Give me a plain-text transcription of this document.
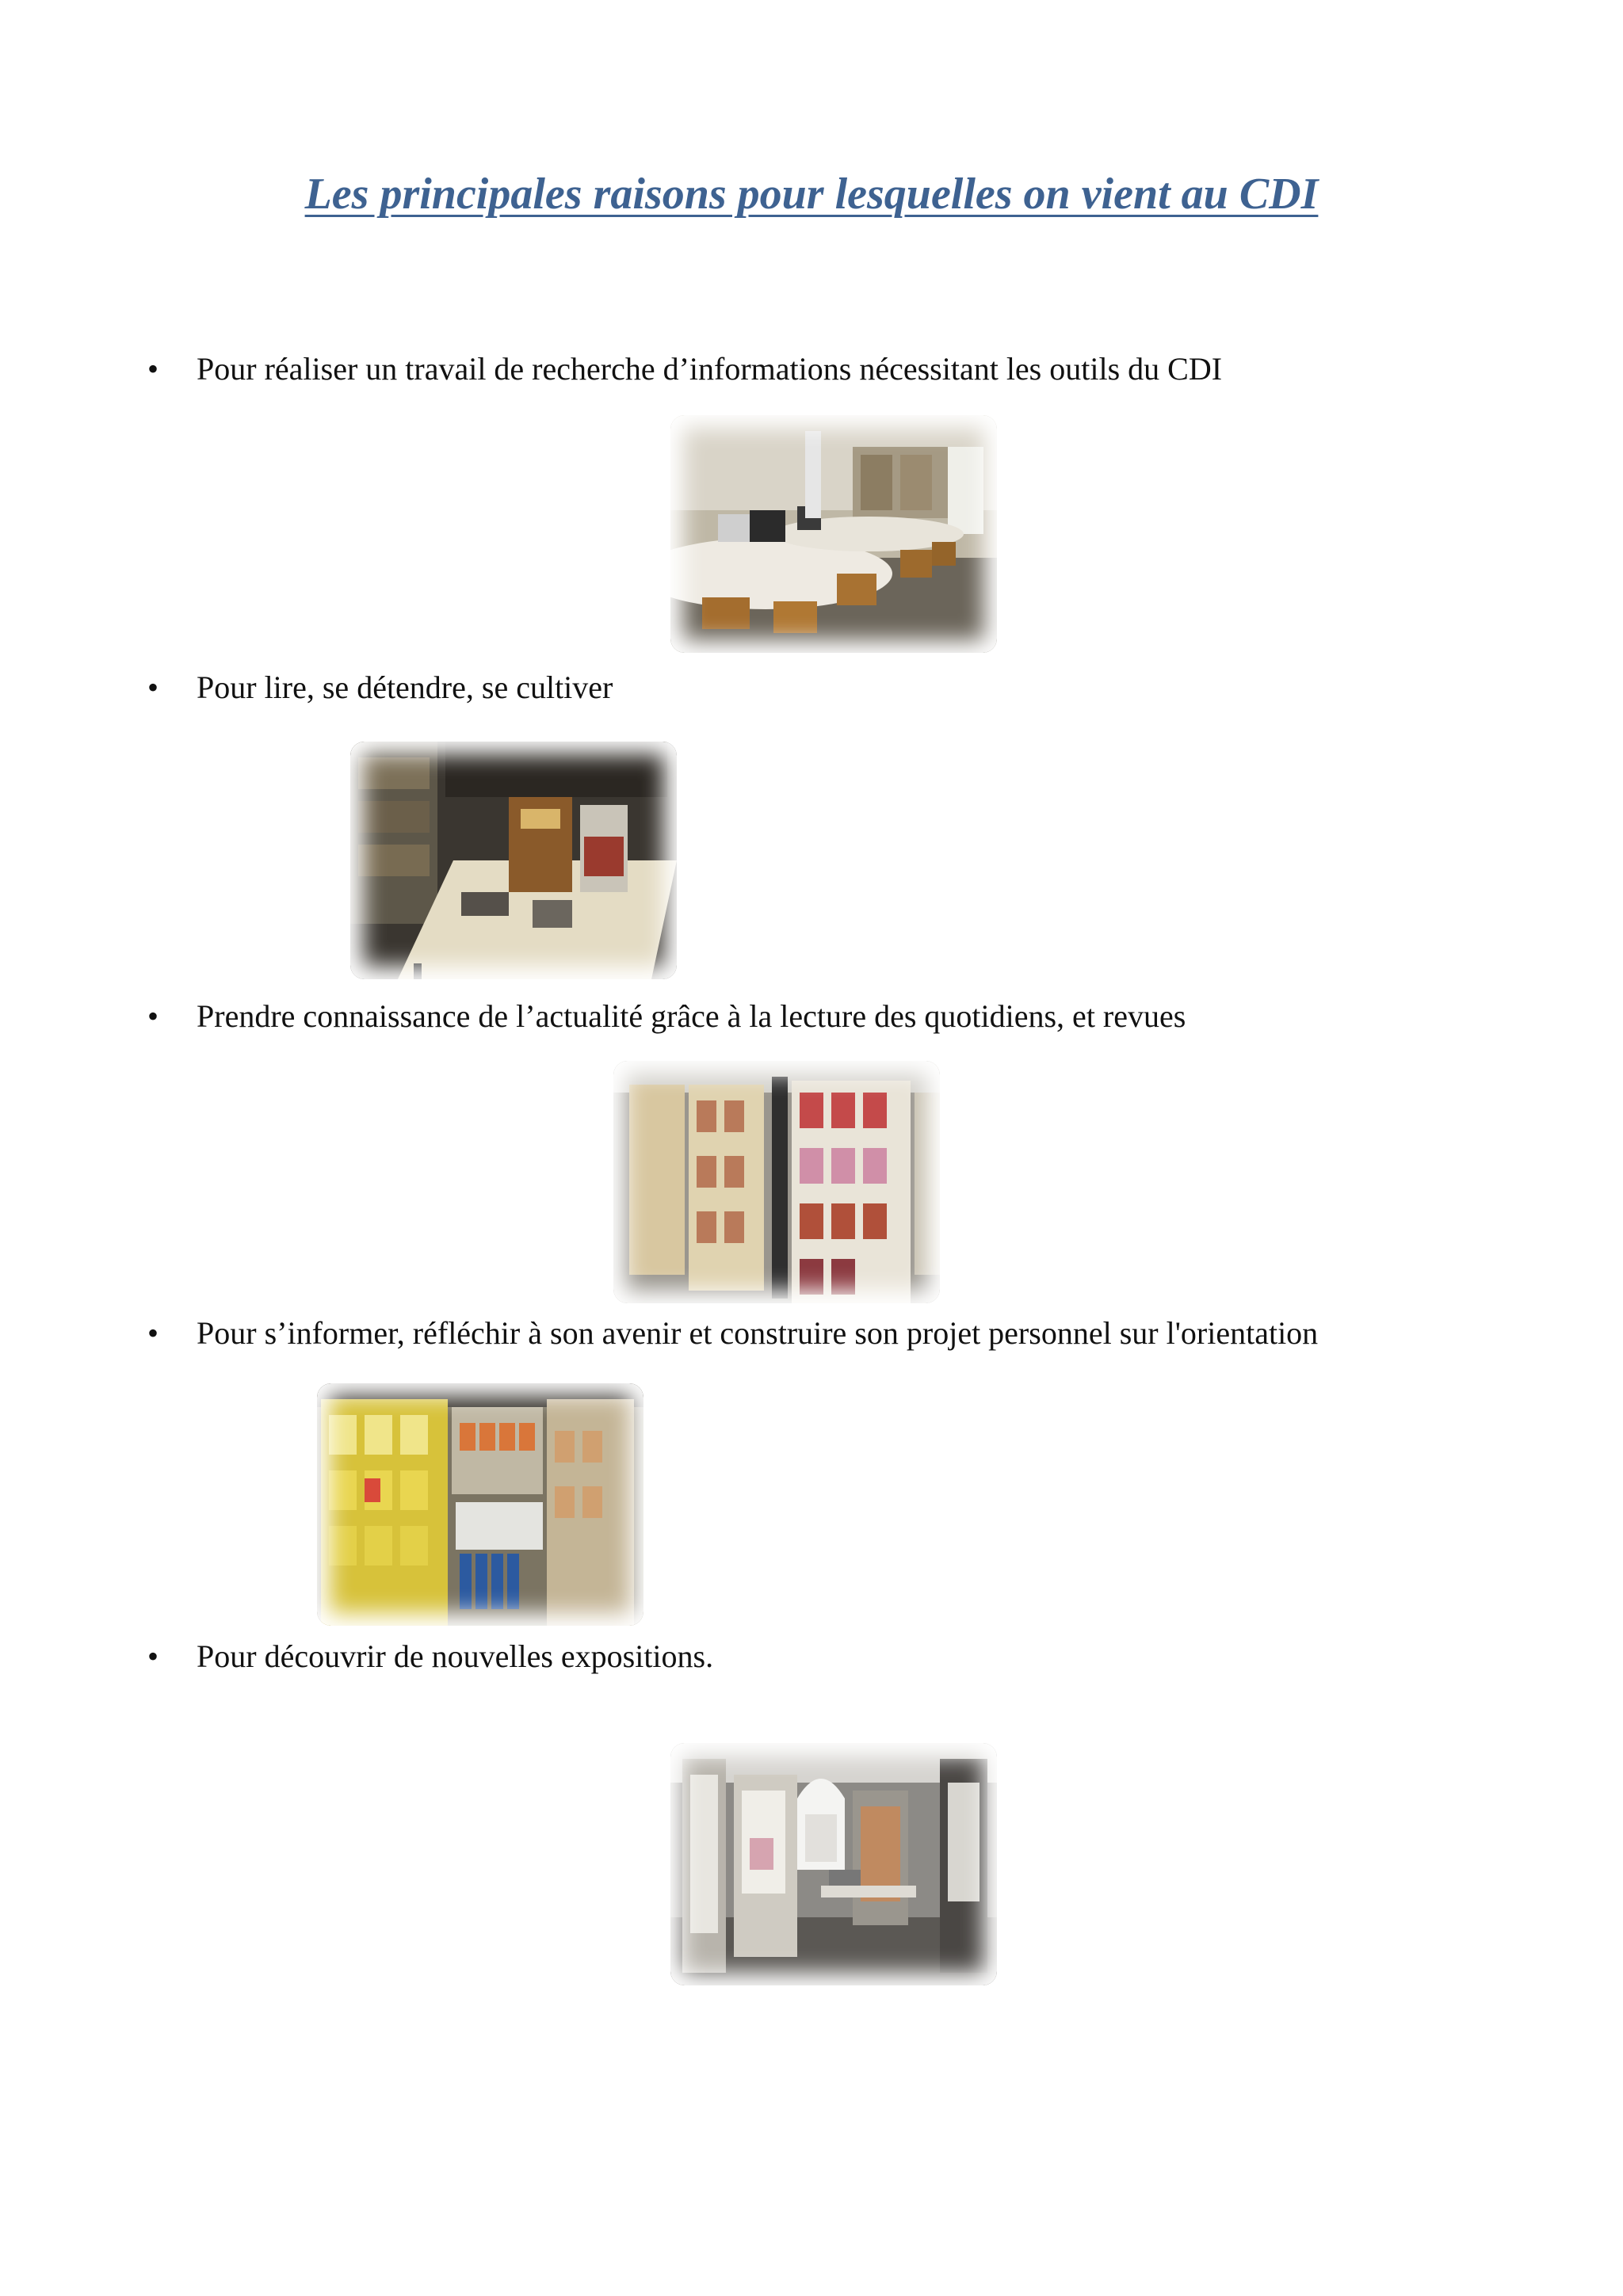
Les principales raisons pour lesquelles on vient au CDI
•	Pour réaliser un travail de recherche d’informations nécessitant les outils du CDI
•	Pour lire, se détendre, se cultiver
•	Prendre connaissance de l’actualité grâce à la lecture des quotidiens, et revues
•	Pour s’informer, réfléchir à son avenir et construire son projet personnel sur l'orientation
•	Pour découvrir de nouvelles expositions.
